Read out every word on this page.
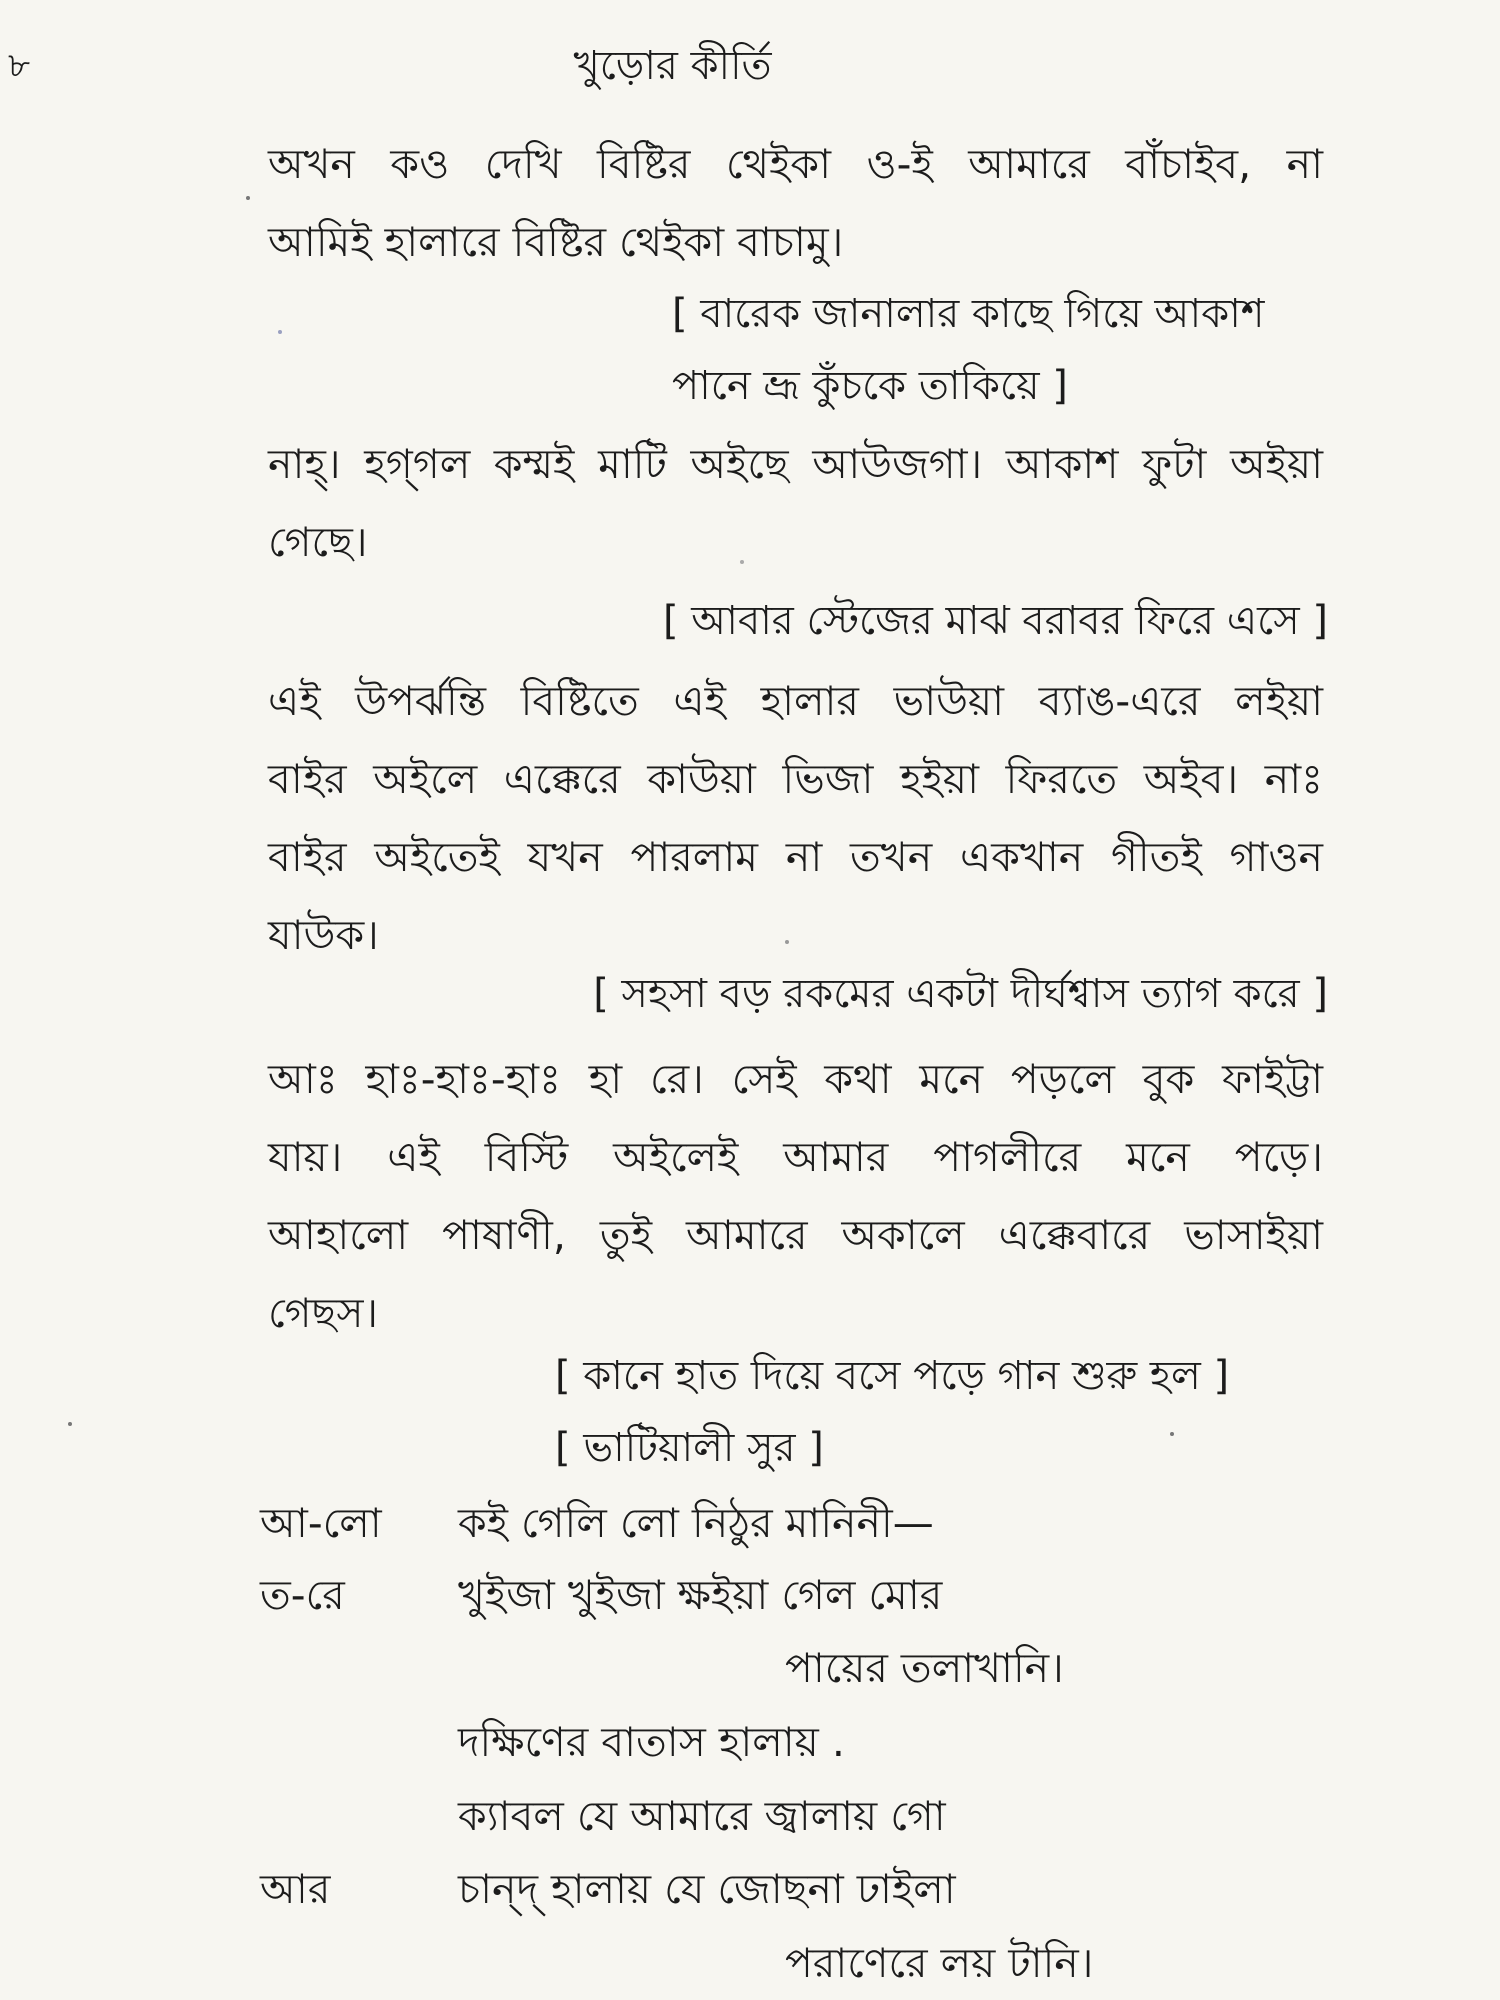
৮	খুড়োর কীর্তি

অখন কও দেখি বিষ্টির থেইকা ও-ই আমারে বাঁচাইব, না

আমিই হালারে বিষ্টির থেইকা বাচামু।

[ বারেক জানালার কাছে গিয়ে আকাশ
পানে ভ্রূ কুঁচকে তাকিয়ে ]

নাহ্‌। হগ্‌গল কম্মই মাটি অইছে আউজগা। আকাশ ফুটা অইয়া

গেছে।

[ আবার স্টেজের মাঝ বরাবর ফিরে এসে ]

এই উপর্ঝন্তি বিষ্টিতে এই হালার ভাউয়া ব্যাঙ-এরে লইয়া

বাইর অইলে এক্কেরে কাউয়া ভিজা হইয়া ফিরতে অইব। নাঃ

বাইর অইতেই যখন পারলাম না তখন একখান গীতই গাওন

যাউক।

[ সহসা বড় রকমের একটা দীর্ঘশ্বাস ত্যাগ করে ]

আঃ হাঃ-হাঃ-হাঃ হা রে। সেই কথা মনে পড়লে বুক ফাইট্টা

যায়। এই বিস্টি অইলেই আমার পাগলীরে মনে পড়ে।

আহালো পাষাণী, তুই আমারে অকালে এক্কেবারে ভাসাইয়া

গেছস।

[ কানে হাত দিয়ে বসে পড়ে গান শুরু হল ]
[ ভাটিয়ালী সুর ]
আ-লো কই গেলি লো নিঠুর মানিনী—
ত-রে	খুইজা খুইজা ক্ষইয়া গেল মোর
পায়ের তলাখানি।
দক্ষিণের বাতাস হালায় .
ক্যাবল যে আমারে জ্বালায় গো
আর	চান্দ্‌ হালায় যে জোছনা ঢাইলা
পরাণেরে লয় টানি।
